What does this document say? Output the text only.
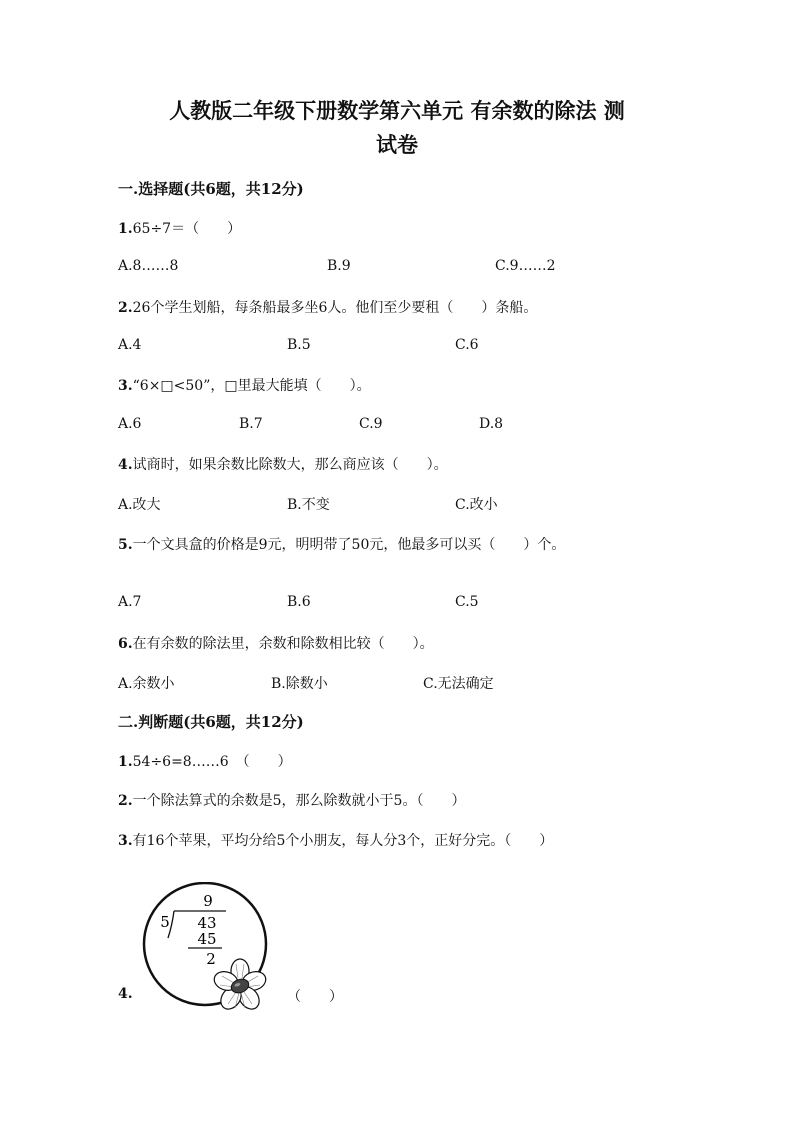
人教版二年级下册数学第六单元 有余数的除法 测
试卷
一.选择题(共6题，共12分)
1.65÷7＝（　　）
A.8……8	B.9	C.9……2
2.26个学生划船，每条船最多坐6人。他们至少要租（　　）条船。
A.4	B.5	C.6
3.“6×□<50”，□里最大能填（　　）。
A.6	B.7	C.9	D.8
4.试商时，如果余数比除数大，那么商应该（　　）。
A.改大	B.不变	C.改小
5.一个文具盒的价格是9元，明明带了50元，他最多可以买（　　）个。
A.7	B.6	C.5
6.在有余数的除法里，余数和除数相比较（　　）。
A.余数小	B.除数小	C.无法确定
二.判断题(共6题，共12分)
1.54÷6=8……6　（　　）
2.一个除法算式的余数是5，那么除数就小于5。（　　）
3.有16个苹果，平均分给5个小朋友，每人分3个，正好分完。（　　）
9
5 43
45
2
4.	（　　）
